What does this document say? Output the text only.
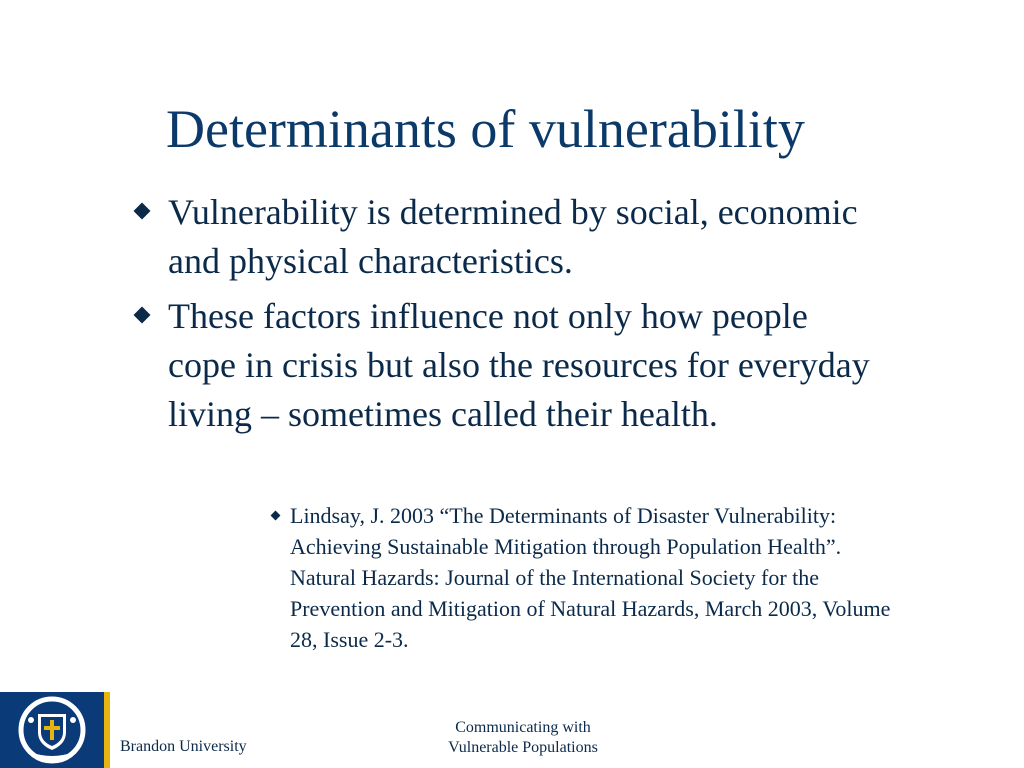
Determinants of vulnerability
Vulnerability is determined by social, economic and physical characteristics.
These factors influence not only how people cope in crisis but also the resources for everyday living – sometimes called their health.
Lindsay, J. 2003 “The Determinants of Disaster Vulnerability: Achieving Sustainable Mitigation through Population Health”. Natural Hazards: Journal of the International Society for the Prevention and Mitigation of Natural Hazards, March 2003, Volume 28, Issue 2-3.
Brandon University
Communicating with
Vulnerable Populations
